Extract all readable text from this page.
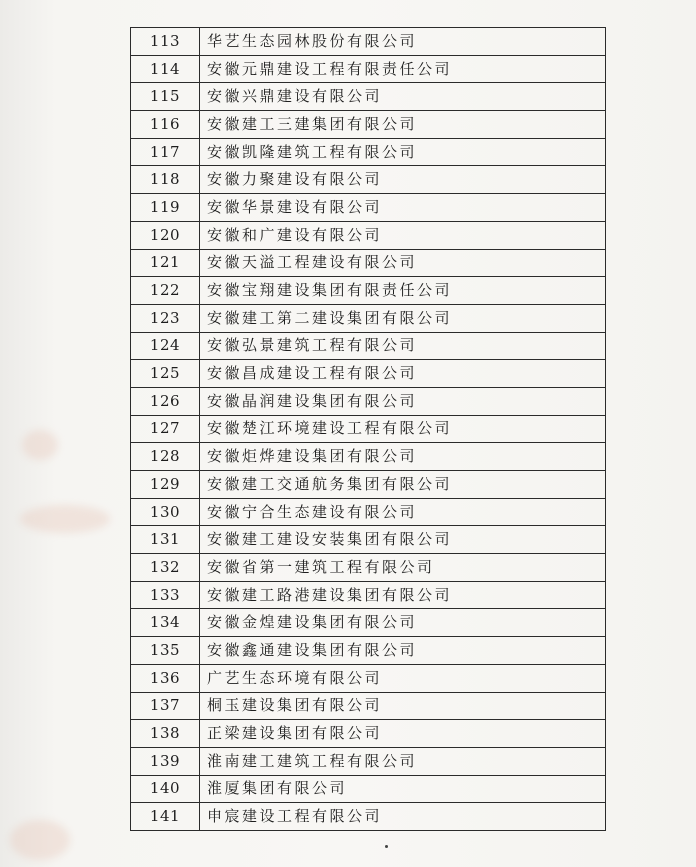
113	华艺生态园林股份有限公司
114	安徽元鼎建设工程有限责任公司
115	安徽兴鼎建设有限公司
116	安徽建工三建集团有限公司
117	安徽凯隆建筑工程有限公司
118	安徽力聚建设有限公司
119	安徽华景建设有限公司
120	安徽和广建设有限公司
121	安徽天溢工程建设有限公司
122	安徽宝翔建设集团有限责任公司
123	安徽建工第二建设集团有限公司
124	安徽弘景建筑工程有限公司
125	安徽昌成建设工程有限公司
126	安徽晶润建设集团有限公司
127	安徽楚江环境建设工程有限公司
128	安徽炬烨建设集团有限公司
129	安徽建工交通航务集团有限公司
130	安徽宁合生态建设有限公司
131	安徽建工建设安装集团有限公司
132	安徽省第一建筑工程有限公司
133	安徽建工路港建设集团有限公司
134	安徽金煌建设集团有限公司
135	安徽鑫通建设集团有限公司
136	广艺生态环境有限公司
137	桐玉建设集团有限公司
138	正梁建设集团有限公司
139	淮南建工建筑工程有限公司
140	淮厦集团有限公司
141	申宸建设工程有限公司
